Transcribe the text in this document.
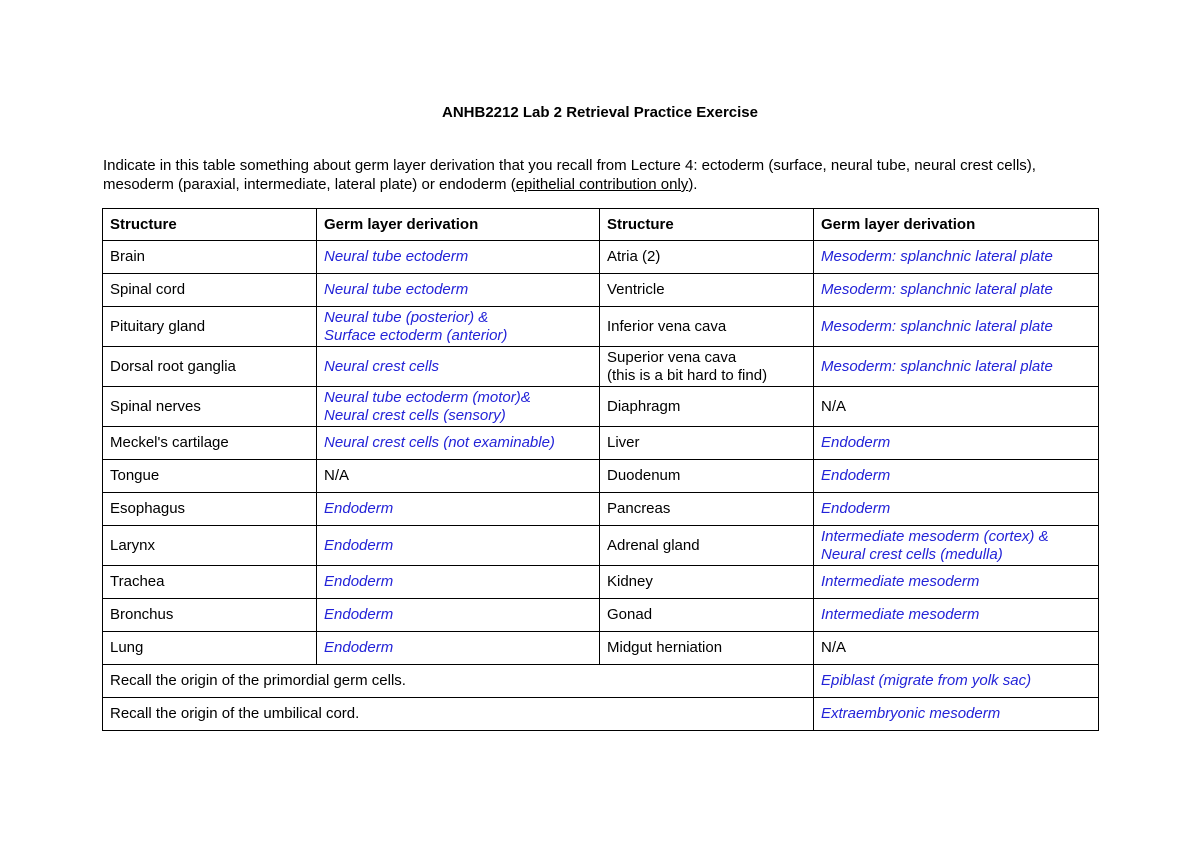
ANHB2212 Lab 2 Retrieval Practice Exercise
Indicate in this table something about germ layer derivation that you recall from Lecture 4: ectoderm (surface, neural tube, neural crest cells), mesoderm (paraxial, intermediate, lateral plate) or endoderm (epithelial contribution only).
Structure	Germ layer derivation	Structure	Germ layer derivation
Brain	Neural tube ectoderm	Atria (2)	Mesoderm: splanchnic lateral plate

Spinal cord	Neural tube ectoderm	Ventricle	Mesoderm: splanchnic lateral plate

Pituitary gland	Neural tube (posterior) &
Surface ectoderm (anterior)	Inferior vena cava	Mesoderm: splanchnic lateral plate

Dorsal root ganglia	Neural crest cells	Superior vena cava
(this is a bit hard to find)	Mesoderm: splanchnic lateral plate

Spinal nerves	Neural tube ectoderm (motor)&
Neural crest cells (sensory)	Diaphragm	N/A
Meckel's cartilage	Neural crest cells (not examinable)	Liver	Endoderm

Tongue	N/A	Duodenum	Endoderm

Esophagus	Endoderm	Pancreas	Endoderm

Larynx	Endoderm	Adrenal gland	Intermediate mesoderm (cortex) &
Neural crest cells (medulla)

Trachea	Endoderm	Kidney	Intermediate mesoderm

Bronchus	Endoderm	Gonad	Intermediate mesoderm

Lung	Endoderm	Midgut herniation	N/A
Recall the origin of the primordial germ cells.			Epiblast (migrate from yolk sac)
Recall the origin of the umbilical cord.			Extraembryonic mesoderm
